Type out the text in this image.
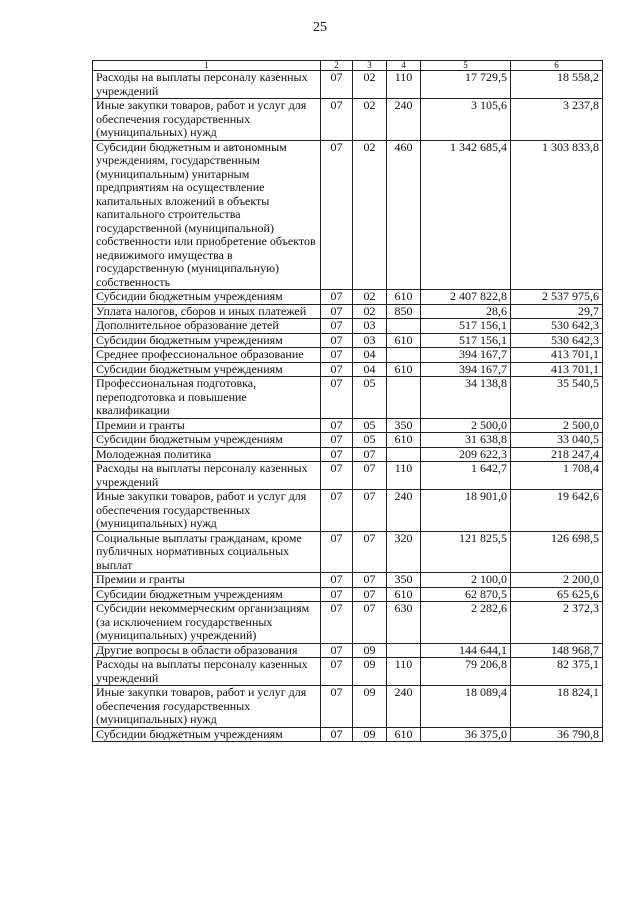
25
1	2	3	4	5	6
Расходы на выплаты персоналу казенных учреждений	07	02	110	17 729,5	18 558,2
Иные закупки товаров, работ и услуг для обеспечения государственных (муниципальных) нужд	07	02	240	3 105,6	3 237,8
Субсидии бюджетным и автономным учреждениям, государственным (муниципальным) унитарным предприятиям на осуществление капитальных вложений в объекты капитального строительства государственной (муниципальной) собственности или приобретение объектов недвижимого имущества в государственную (муниципальную) собственность	07	02	460	1 342 685,4	1 303 833,8
Субсидии бюджетным учреждениям	07	02	610	2 407 822,8	2 537 975,6
Уплата налогов, сборов и иных платежей	07	02	850	28,6	29,7
Дополнительное образование детей	07	03		517 156,1	530 642,3
Субсидии бюджетным учреждениям	07	03	610	517 156,1	530 642,3
Среднее профессиональное образование	07	04		394 167,7	413 701,1
Субсидии бюджетным учреждениям	07	04	610	394 167,7	413 701,1
Профессиональная подготовка, переподготовка и повышение квалификации	07	05		34 138,8	35 540,5
Премии и гранты	07	05	350	2 500,0	2 500,0
Субсидии бюджетным учреждениям	07	05	610	31 638,8	33 040,5
Молодежная политика	07	07		209 622,3	218 247,4
Расходы на выплаты персоналу казенных учреждений	07	07	110	1 642,7	1 708,4
Иные закупки товаров, работ и услуг для обеспечения государственных (муниципальных) нужд	07	07	240	18 901,0	19 642,6
Социальные выплаты гражданам, кроме публичных нормативных социальных выплат	07	07	320	121 825,5	126 698,5
Премии и гранты	07	07	350	2 100,0	2 200,0
Субсидии бюджетным учреждениям	07	07	610	62 870,5	65 625,6
Субсидии некоммерческим организациям (за исключением государственных (муниципальных) учреждений)	07	07	630	2 282,6	2 372,3
Другие вопросы в области образования	07	09		144 644,1	148 968,7
Расходы на выплаты персоналу казенных учреждений	07	09	110	79 206,8	82 375,1
Иные закупки товаров, работ и услуг для обеспечения государственных (муниципальных) нужд	07	09	240	18 089,4	18 824,1
Субсидии бюджетным учреждениям	07	09	610	36 375,0	36 790,8
